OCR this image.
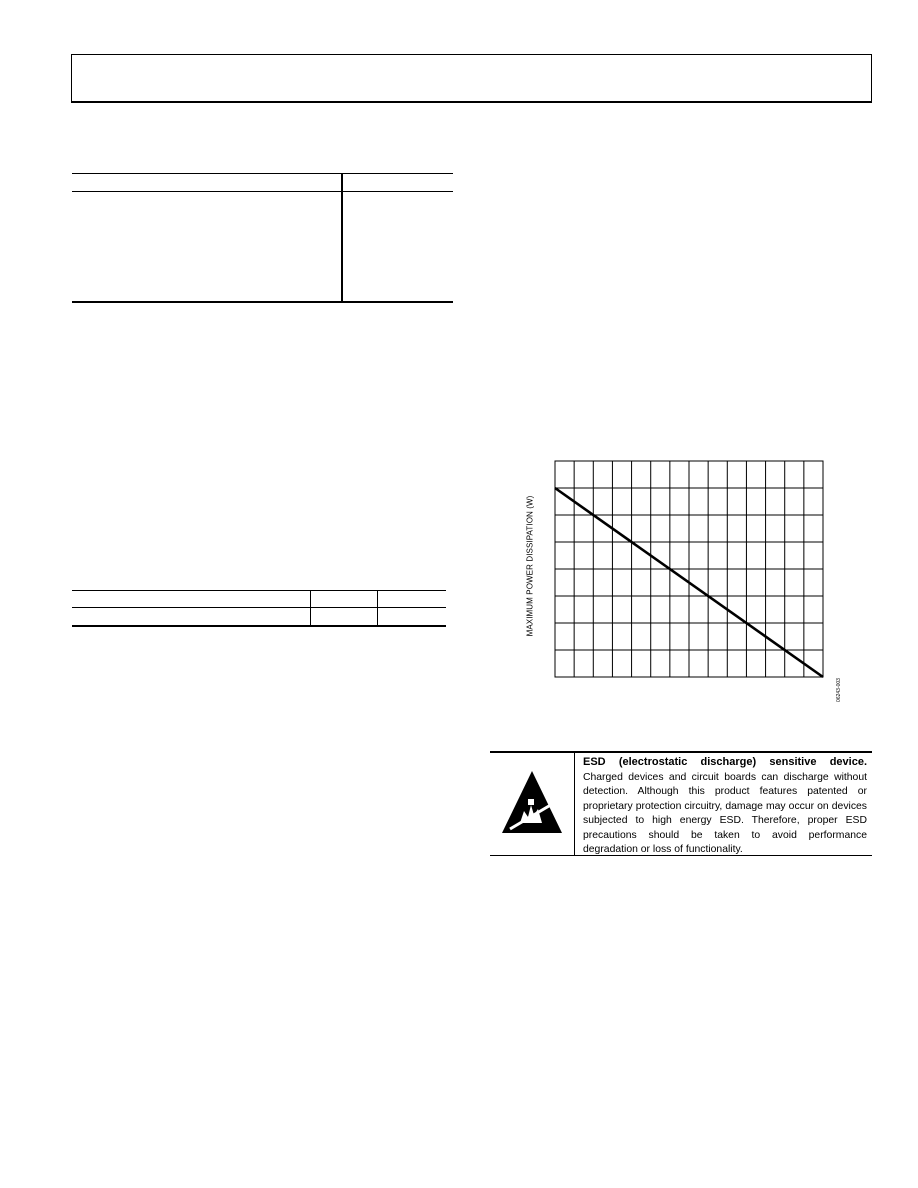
MAXIMUM POWER DISSIPATION (W)
06243-003
ESD (electrostatic discharge) sensitive device. Charged devices and circuit boards can discharge without detection. Although this product features patented or proprietary protection circuitry, damage may occur on devices subjected to high energy ESD. Therefore, proper ESD precautions should be taken to avoid performance degradation or loss of functionality.
